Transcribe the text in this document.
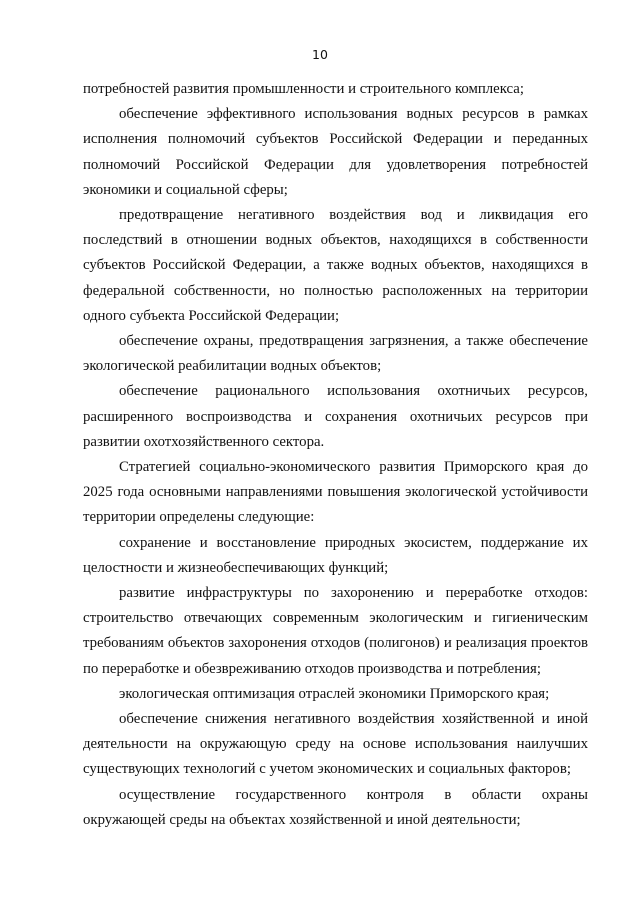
10

потребностей развития промышленности и строительного комплекса;

обеспечение эффективного использования водных ресурсов в рамках исполнения полномочий субъектов Российской Федерации и переданных полномочий Российской Федерации для удовлетворения потребностей экономики и социальной сферы;

предотвращение негативного воздействия вод и ликвидация его последствий в отношении водных объектов, находящихся в собственности субъектов Российской Федерации, а также водных объектов, находящихся в федеральной собственности, но полностью расположенных на территории одного субъекта Российской Федерации;

обеспечение охраны, предотвращения загрязнения, а также обеспечение экологической реабилитации водных объектов;

обеспечение рационального использования охотничьих ресурсов, расширенного воспроизводства и сохранения охотничьих ресурсов при развитии охотхозяйственного сектора.

Стратегией социально-экономического развития Приморского края до 2025 года основными направлениями повышения экологической устойчивости территории определены следующие:

сохранение и восстановление природных экосистем, поддержание их целостности и жизнеобеспечивающих функций;

развитие инфраструктуры по захоронению и переработке отходов: строительство отвечающих современным экологическим и гигиеническим требованиям объектов захоронения отходов (полигонов) и реализация проектов по переработке и обезвреживанию отходов производства и потребления;

экологическая оптимизация отраслей экономики Приморского края;

обеспечение снижения негативного воздействия хозяйственной и иной деятельности на окружающую среду на основе использования наилучших существующих технологий с учетом экономических и социальных факторов;

осуществление государственного контроля в области охраны окружающей среды на объектах хозяйственной и иной деятельности;
